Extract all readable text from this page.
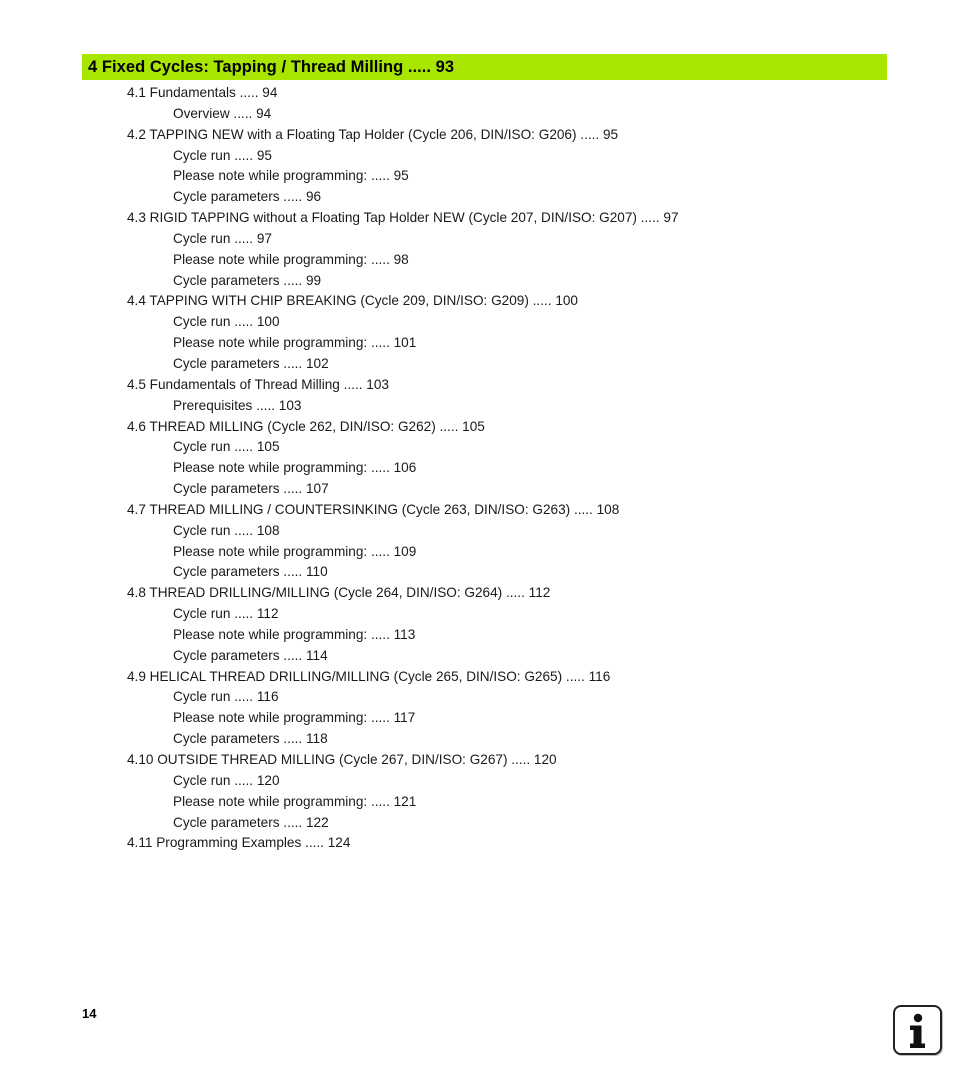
4 Fixed Cycles: Tapping / Thread Milling ..... 93
4.1 Fundamentals ..... 94
Overview ..... 94
4.2 TAPPING NEW with a Floating Tap Holder (Cycle 206, DIN/ISO: G206) ..... 95
Cycle run ..... 95
Please note while programming: ..... 95
Cycle parameters ..... 96
4.3 RIGID TAPPING without a Floating Tap Holder NEW (Cycle 207, DIN/ISO: G207) ..... 97
Cycle run ..... 97
Please note while programming: ..... 98
Cycle parameters ..... 99
4.4 TAPPING WITH CHIP BREAKING (Cycle 209, DIN/ISO: G209) ..... 100
Cycle run ..... 100
Please note while programming: ..... 101
Cycle parameters ..... 102
4.5 Fundamentals of Thread Milling ..... 103
Prerequisites ..... 103
4.6 THREAD MILLING (Cycle 262, DIN/ISO: G262) ..... 105
Cycle run ..... 105
Please note while programming: ..... 106
Cycle parameters ..... 107
4.7 THREAD MILLING / COUNTERSINKING (Cycle 263, DIN/ISO: G263) ..... 108
Cycle run ..... 108
Please note while programming: ..... 109
Cycle parameters ..... 110
4.8 THREAD DRILLING/MILLING (Cycle 264, DIN/ISO: G264) ..... 112
Cycle run ..... 112
Please note while programming: ..... 113
Cycle parameters ..... 114
4.9 HELICAL THREAD DRILLING/MILLING (Cycle 265, DIN/ISO: G265) ..... 116
Cycle run ..... 116
Please note while programming: ..... 117
Cycle parameters ..... 118
4.10 OUTSIDE THREAD MILLING (Cycle 267, DIN/ISO: G267) ..... 120
Cycle run ..... 120
Please note while programming: ..... 121
Cycle parameters ..... 122
4.11 Programming Examples ..... 124
14
